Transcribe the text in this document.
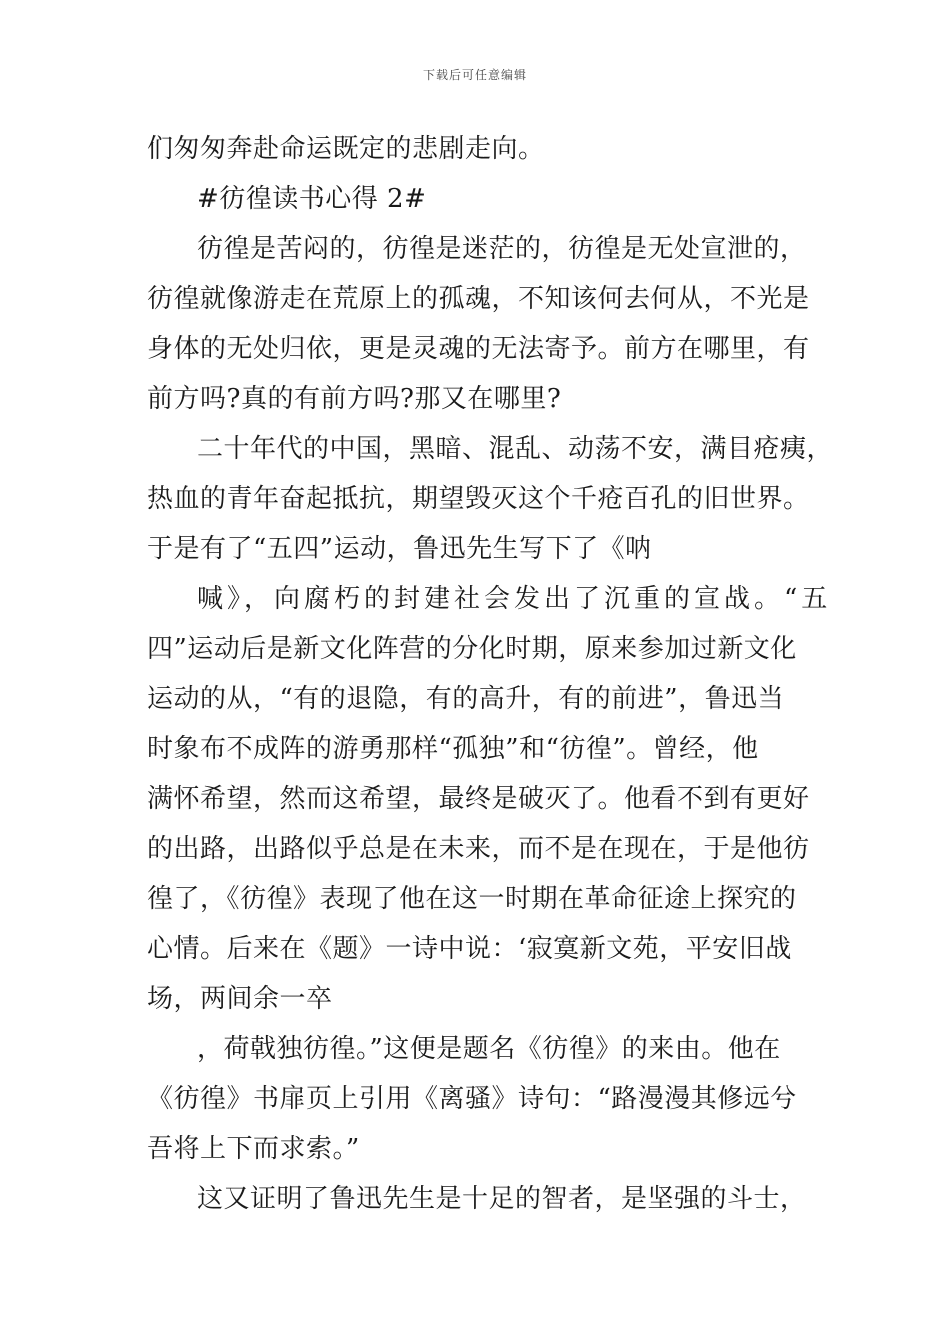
下载后可任意编辑
们匆匆奔赴命运既定的悲剧走向。
#彷徨读书心得 2#
彷徨是苦闷的，彷徨是迷茫的，彷徨是无处宣泄的，
彷徨就像游走在荒原上的孤魂，不知该何去何从，不光是
身体的无处归依，更是灵魂的无法寄予。前方在哪里，有
前方吗?真的有前方吗?那又在哪里?
二十年代的中国，黑暗、混乱、动荡不安，满目疮痍，
热血的青年奋起抵抗，期望毁灭这个千疮百孔的旧世界。
于是有了“五四”运动，鲁迅先生写下了《呐
喊》，向腐朽的封建社会发出了沉重的宣战。“五
四”运动后是新文化阵营的分化时期，原来参加过新文化
运动的从，“有的退隐，有的高升，有的前进”，鲁迅当
时象布不成阵的游勇那样“孤独”和“彷徨”。曾经，他
满怀希望，然而这希望，最终是破灭了。他看不到有更好
的出路，出路似乎总是在未来，而不是在现在，于是他彷
徨了，《彷徨》表现了他在这一时期在革命征途上探究的
心情。后来在《题》一诗中说：‘寂寞新文苑，平安旧战
场，两间余一卒
，荷戟独彷徨。”这便是题名《彷徨》的来由。他在
《彷徨》书扉页上引用《离骚》诗句：“路漫漫其修远兮
吾将上下而求索。”
这又证明了鲁迅先生是十足的智者，是坚强的斗士，
